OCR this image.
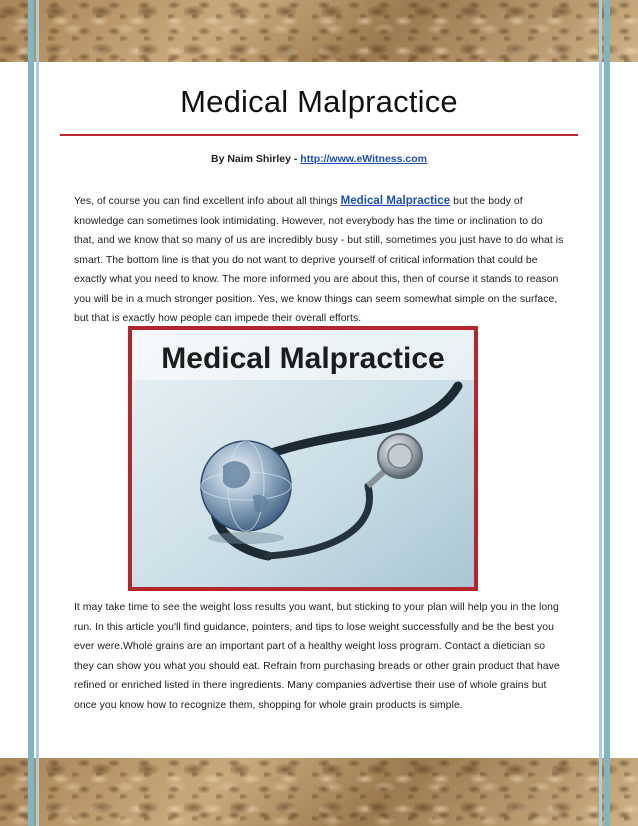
Medical Malpractice
By Naim Shirley - http://www.eWitness.com

Yes, of course you can find excellent info about all things Medical Malpractice but the body of knowledge can sometimes look intimidating. However, not everybody has the time or inclination to do that, and we know that so many of us are incredibly busy - but still, sometimes you just have to do what is smart. The bottom line is that you do not want to deprive yourself of critical information that could be exactly what you need to know. The more informed you are about this, then of course it stands to reason you will be in a much stronger position. Yes, we know things can seem somewhat simple on the surface, but that is exactly how people can impede their overall efforts.

Medical Malpractice

It may take time to see the weight loss results you want, but sticking to your plan will help you in the long run. In this article you'll find guidance, pointers, and tips to lose weight successfully and be the best you ever were.Whole grains are an important part of a healthy weight loss program. Contact a dietician so they can show you what you should eat. Refrain from purchasing breads or other grain product that have refined or enriched listed in there ingredients. Many companies advertise their use of whole grains but once you know how to recognize them, shopping for whole grain products is simple.
